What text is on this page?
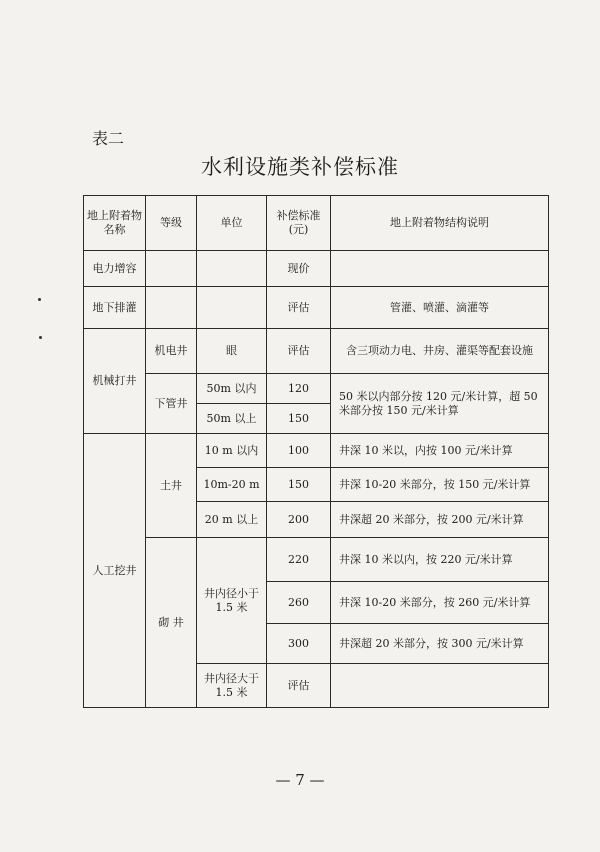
表二
水利设施类补偿标准
地上附着物名称	等级	单位	补偿标准(元)	地上附着物结构说明
电力增容			现价	
地下排灌			评估	管灌、喷灌、滴灌等
机械打井	机电井	眼	评估	含三项动力电、井房、灌渠等配套设施
	下管井	50m 以内	120	50 米以内部分按 120 元/米计算，超 50 米部分按 150 元/米计算
		50m 以上	150	
人工挖井	土井	10 m 以内	100	井深 10 米以，内按 100 元/米计算
		10m-20 m	150	井深 10-20 米部分，按 150 元/米计算
		20 m 以上	200	井深超 20 米部分，按 200 元/米计算
	砌 井	井内径小于 1.5 米	220	井深 10 米以内，按 220 元/米计算
			260	井深 10-20 米部分，按 260 元/米计算
			300	井深超 20 米部分，按 300 元/米计算
		井内径大于 1.5 米	评估	
— 7 —
